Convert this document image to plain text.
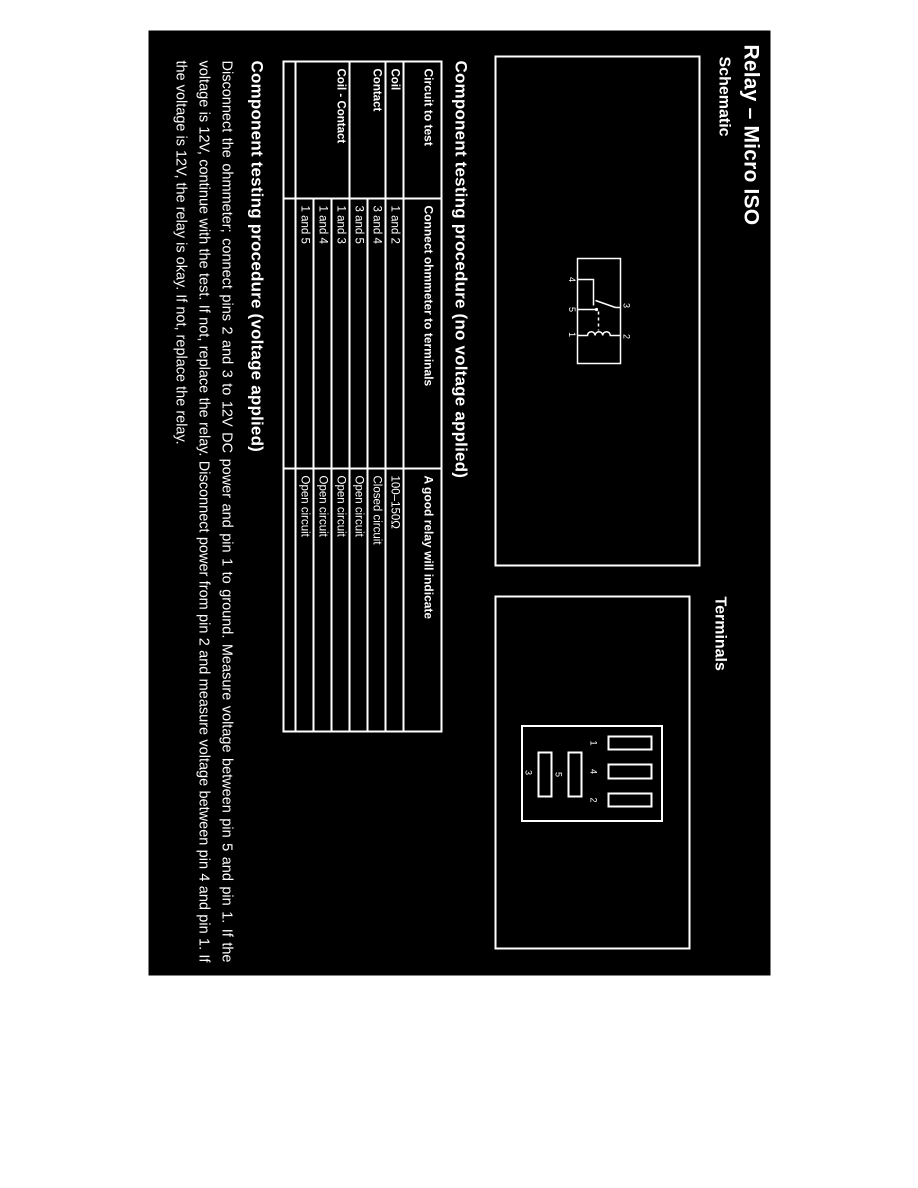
Relay – Micro ISO
Schematic
Terminals
4
5
1
3
2
1
4
2
5
3
Component testing procedure (no voltage applied)
Circuit to test	Connect ohmmeter to terminals	A good relay will indicate
Coil	1 and 2	100–150Ω
Contact	3 and 4	Closed circuit
	3 and 5	Open circuit
Coil - Contact	1 and 3	Open circuit
	1 and 4	Open circuit
	1 and 5	Open circuit

Component testing procedure (voltage applied)

Disconnect the ohmmeter; connect pins 2 and 3 to 12V DC power and pin 1 to ground. Measure voltage between pin 5 and pin 1. If the voltage is 12V, continue with the test. If not, replace the relay. Disconnect power from pin 2 and measure voltage between pin 4 and pin 1. If the voltage is 12V, the relay is okay. If not, replace the relay.
